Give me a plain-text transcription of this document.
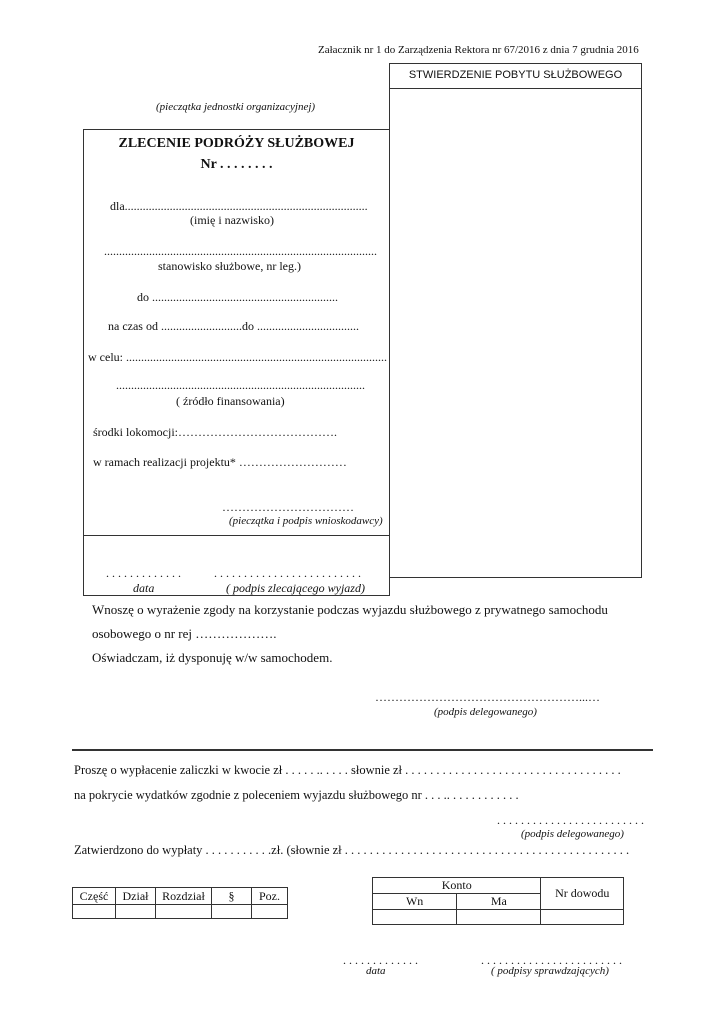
Załacznik nr 1 do Zarządzenia Rektora nr 67/2016 z dnia 7 grudnia 2016
(pieczątka jednostki organizacyjnej)
STWIERDZENIE POBYTU SŁUŻBOWEGO
ZLECENIE PODRÓŻY SŁUŻBOWEJ
Nr . . . . . . . .
dla.................................................................................
(imię i nazwisko)
...........................................................................................
stanowisko służbowe, nr leg.)
do ..............................................................
na czas od ...........................do ..................................
w celu: .......................................................................................
...................................................................................
( źródło finansowania)
środki lokomocji:………………………………….
w ramach realizacji projektu* ………………………
……………………………
(pieczątka i podpis wnioskodawcy)
. . . . . . . . . . . . .
data
. . . . . . . . . . . . . . . . . . . . . . . . .
( podpis zlecającego wyjazd)
Wnoszę o wyrażenie zgody na korzystanie podczas wyjazdu służbowego z prywatnego samochodu
osobowego o nr rej ……………….
Oświadczam, iż dysponuję w/w samochodem.
……………………………………………...…
(podpis delegowanego)
Proszę o wypłacenie zaliczki w kwocie zł . . . . . .. . . . . słownie zł . . . . . . . . . . . . . . . . . . . . . . . . . . . . . . . . . . .
na pokrycie wydatków zgodnie z poleceniem wyjazdu służbowego nr . . . .. . . . . . . . . . . .
. . . . . . . . . . . . . . . . . . . . . . . . .
(podpis delegowanego)
Zatwierdzono do wypłaty . . . . . . . . . . .zł. (słownie zł . . . . . . . . . . . . . . . . . . . . . . . . . . . . . . . . . . . . . . . . . . . . . .
Część	Dział	Rozdział	§	Poz.

Konto		Nr dowodu
Wn	Ma	

. . . . . . . . . . . . .
data
. . . . . . . . . . . . . . . . . . . . . . . .
( podpisy sprawdzających)
